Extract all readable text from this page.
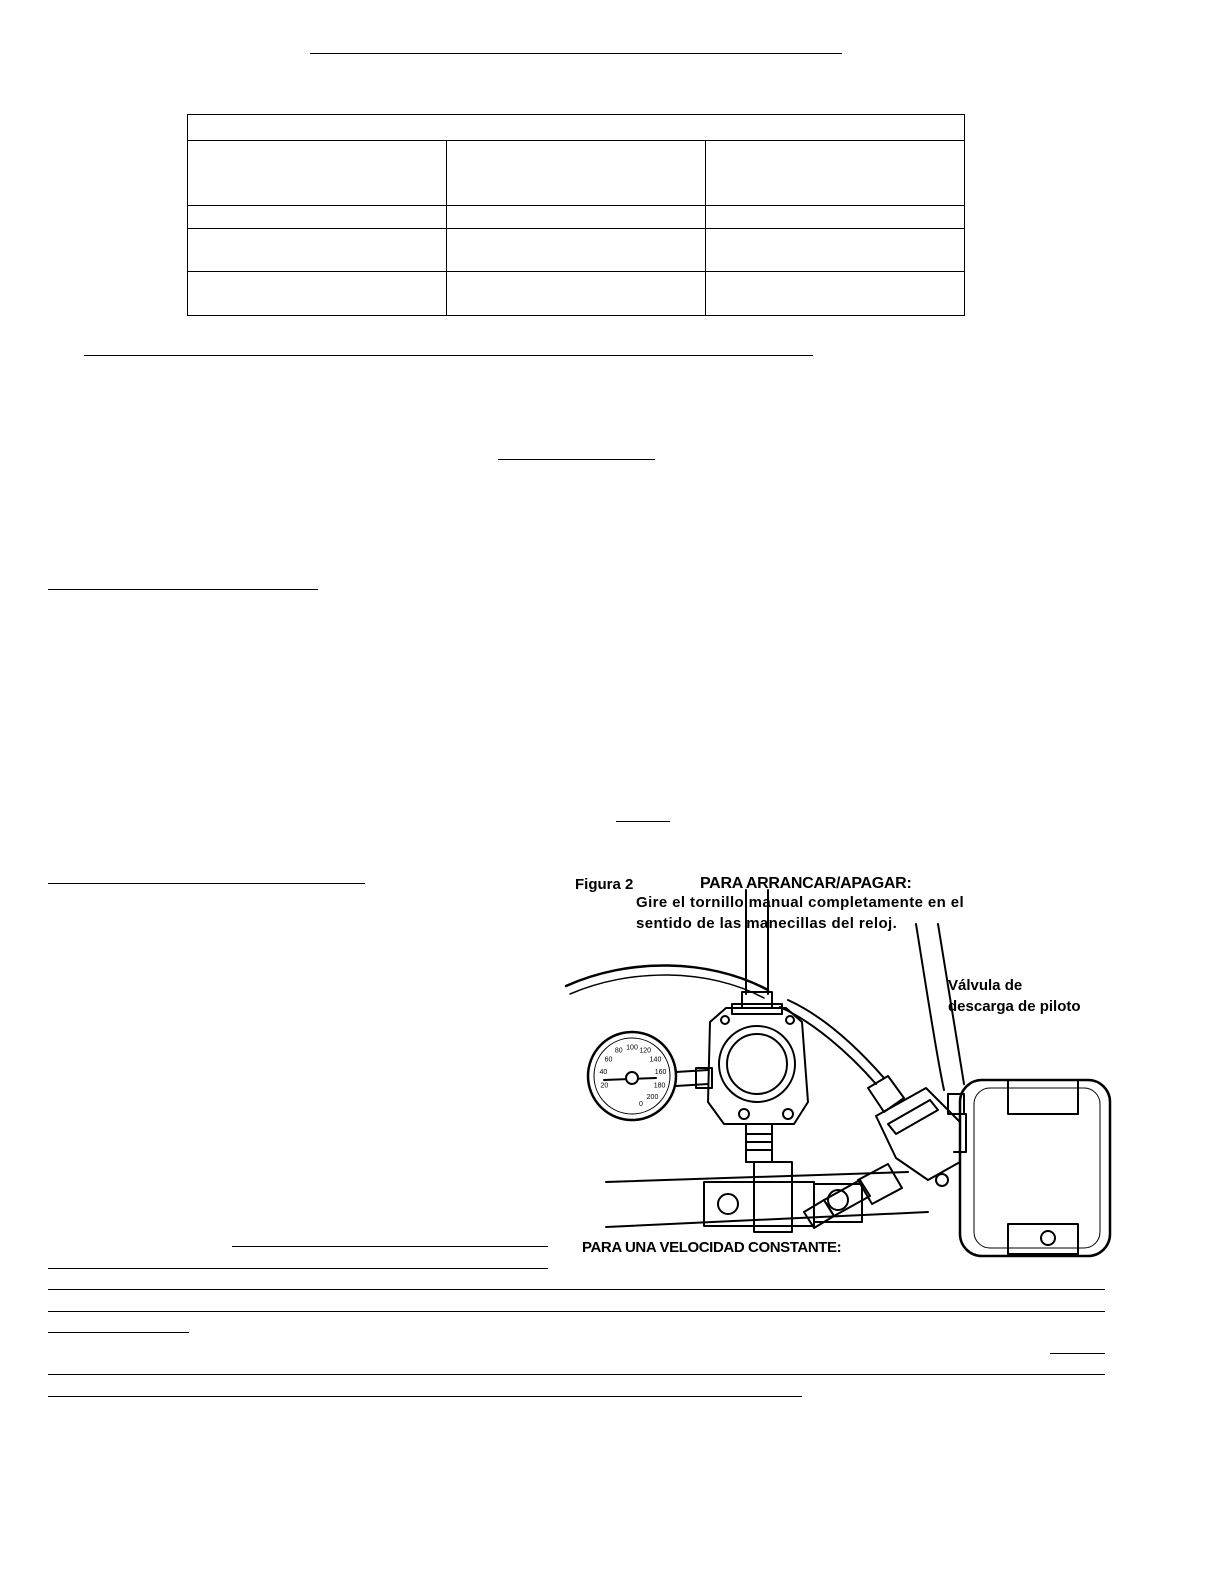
20
40
60
80 100 120
140
160
180
200
0
Figura 2	PARA ARRANCAR/APAGAR:
Gire el tornillo manual completamente en el
sentido de las manecillas del reloj.
Válvula de
descarga de piloto
PARA UNA VELOCIDAD CONSTANTE:
